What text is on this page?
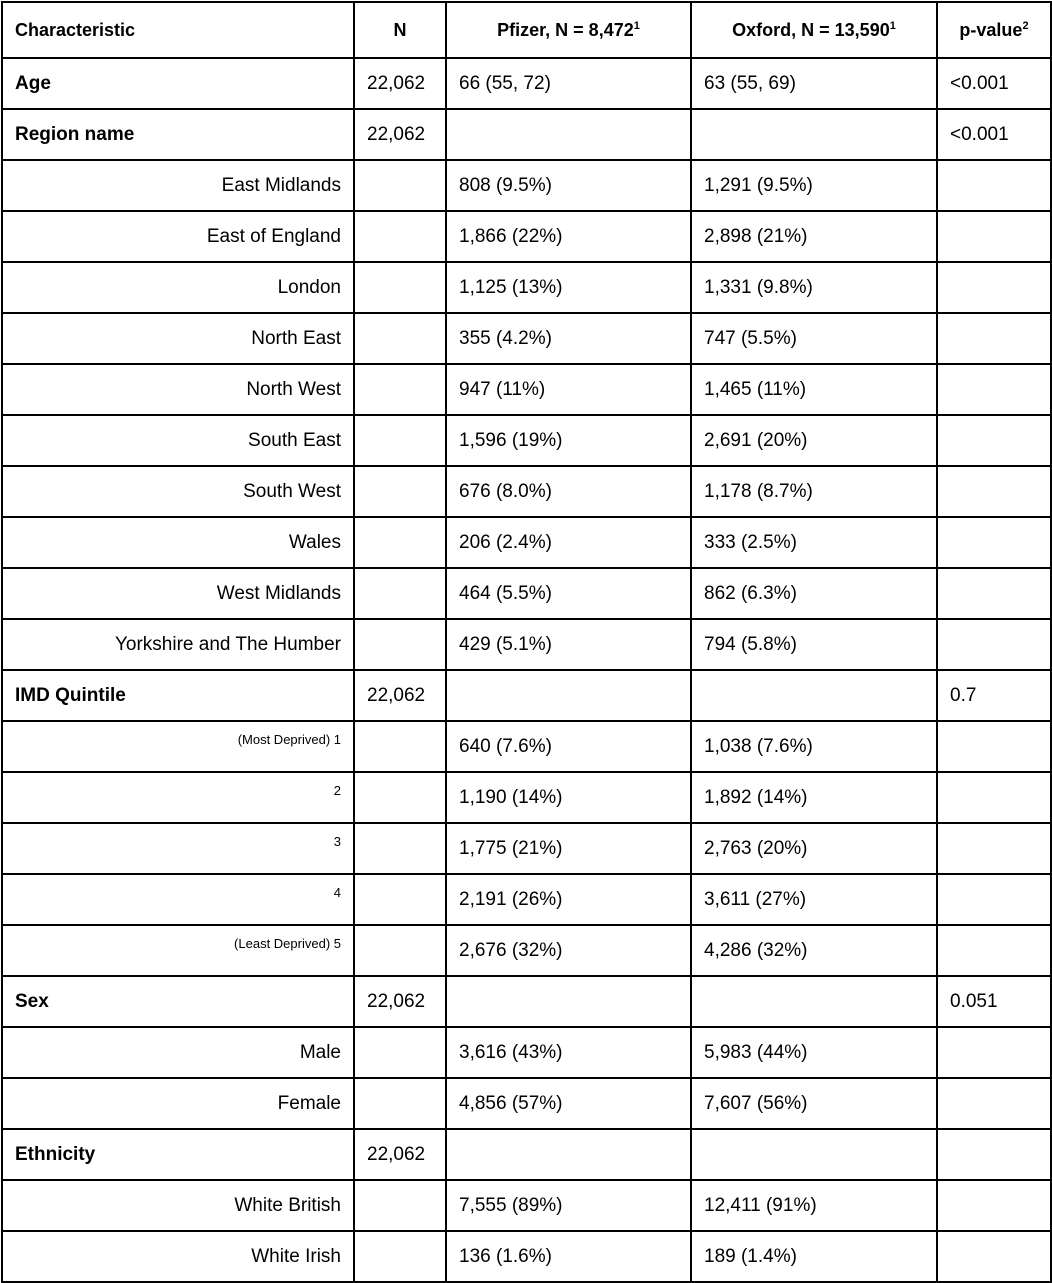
Characteristic	N	Pfizer, $N = 8,472^1$	Oxford, $N = 13,590^1$	p-value$^2$
Age	22,062	66 (55, 72)	63 (55, 69)	<0.001
Region name	22,062			<0.001
East Midlands		808 (9.5%)	1,291 (9.5%)	
East of England		1,866 (22%)	2,898 (21%)	
London		1,125 (13%)	1,331 (9.8%)	
North East		355 (4.2%)	747 (5.5%)	
North West		947 (11%)	1,465 (11%)	
South East		1,596 (19%)	2,691 (20%)	
South West		676 (8.0%)	1,178 (8.7%)	
Wales		206 (2.4%)	333 (2.5%)	
West Midlands		464 (5.5%)	862 (6.3%)	
Yorkshire and The Humber		429 (5.1%)	794 (5.8%)	
IMD Quintile	22,062			0.7
(Most Deprived) 1		640 (7.6%)	1,038 (7.6%)	
2		1,190 (14%)	1,892 (14%)	
3		1,775 (21%)	2,763 (20%)	
4		2,191 (26%)	3,611 (27%)	
(Least Deprived) 5		2,676 (32%)	4,286 (32%)	
Sex	22,062			0.051
Male		3,616 (43%)	5,983 (44%)	
Female		4,856 (57%)	7,607 (56%)	
Ethnicity	22,062			
White British		7,555 (89%)	12,411 (91%)	
White Irish		136 (1.6%)	189 (1.4%)	
